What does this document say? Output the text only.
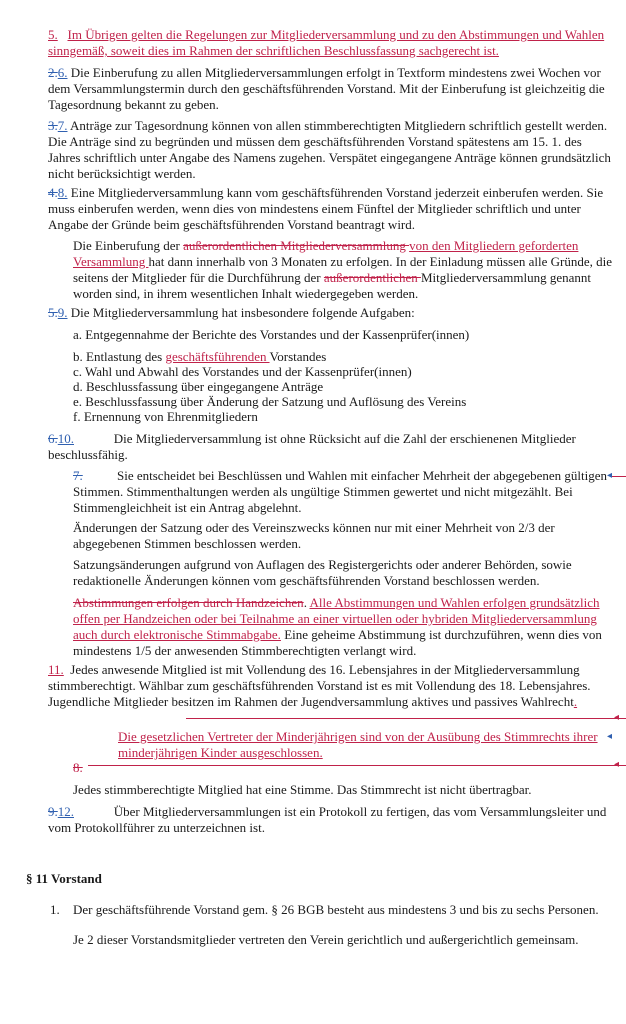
5. Im Übrigen gelten die Regelungen zur Mitgliederversammlung und zu den Abstimmungen und Wahlen sinngemäß, soweit dies im Rahmen der schriftlichen Beschlussfassung sachgerecht ist.

2.6. Die Einberufung zu allen Mitgliederversammlungen erfolgt in Textform mindestens zwei Wochen vor dem Versammlungstermin durch den geschäftsführenden Vorstand. Mit der Einberufung ist gleichzeitig die Tagesordnung bekannt zu geben.

3.7. Anträge zur Tagesordnung können von allen stimmberechtigten Mitgliedern schriftlich gestellt werden. Die Anträge sind zu begründen und müssen dem geschäftsführenden Vorstand spätestens am 15. 1. des Jahres schriftlich unter Angabe des Namens zugehen. Verspätet eingegangene Anträge können grundsätzlich nicht berücksichtigt werden.

4.8. Eine Mitgliederversammlung kann vom geschäftsführenden Vorstand jederzeit einberufen werden. Sie muss einberufen werden, wenn dies von mindestens einem Fünftel der Mitglieder schriftlich und unter Angabe der Gründe beim geschäftsführenden Vorstand beantragt wird.

Die Einberufung der außerordentlichen Mitgliederversammlung von den Mitgliedern geforderten Versammlung hat dann innerhalb von 3 Monaten zu erfolgen. In der Einladung müssen alle Gründe, die seitens der Mitglieder für die Durchführung der außerordentlichen Mitgliederversammlung genannt worden sind, in ihrem wesentlichen Inhalt wiedergegeben werden.

5.9. Die Mitgliederversammlung hat insbesondere folgende Aufgaben:

a. Entgegennahme der Berichte des Vorstandes und der Kassenprüfer(innen)

b. Entlastung des geschäftsführenden Vorstandes

c. Wahl und Abwahl des Vorstandes und der Kassenprüfer(innen)

d. Beschlussfassung über eingegangene Anträge

e. Beschlussfassung über Änderung der Satzung und Auflösung des Vereins

f. Ernennung von Ehrenmitgliedern

6.10.	Die Mitgliederversammlung ist ohne Rücksicht auf die Zahl der erschienenen Mitglieder beschlussfähig.

7.	Sie entscheidet bei Beschlüssen und Wahlen mit einfacher Mehrheit der abgegebenen gültigen Stimmen. Stimmenthaltungen werden als ungültige Stimmen gewertet und nicht mitgezählt. Bei Stimmengleichheit ist ein Antrag abgelehnt.

◂

Änderungen der Satzung oder des Vereinszwecks können nur mit einer Mehrheit von 2/3 der abgegebenen Stimmen beschlossen werden.

Satzungsänderungen aufgrund von Auflagen des Registergerichts oder anderer Behörden, sowie redaktionelle Änderungen können vom geschäftsführenden Vorstand beschlossen werden.

Abstimmungen erfolgen durch Handzeichen. Alle Abstimmungen und Wahlen erfolgen grundsätzlich offen per Handzeichen oder bei Teilnahme an einer virtuellen oder hybriden Mitgliederversammlung auch durch elektronische Stimmabgabe. Eine geheime Abstimmung ist durchzuführen, wenn dies von mindestens 1/5 der anwesenden Stimmberechtigten verlangt wird.

11. Jedes anwesende Mitglied ist mit Vollendung des 16. Lebensjahres in der Mitgliederversammlung stimmberechtigt. Wählbar zum geschäftsführenden Vorstand ist es mit Vollendung des 18. Lebensjahres. Jugendliche Mitglieder besitzen im Rahmen der Jugendversammlung aktives und passives Wahlrecht.

◂

Die gesetzlichen Vertreter der Minderjährigen sind von der Ausübung des Stimmrechts ihrer minderjährigen Kinder ausgeschlossen.

◂

8.	◂

Jedes stimmberechtigte Mitglied hat eine Stimme. Das Stimmrecht ist nicht übertragbar.

9.12.	Über Mitgliederversammlungen ist ein Protokoll zu fertigen, das vom Versammlungsleiter und vom Protokollführer zu unterzeichnen ist.

§ 11 Vorstand

1.	Der geschäftsführende Vorstand gem. § 26 BGB besteht aus mindestens 3 und bis zu sechs Personen.

Je 2 dieser Vorstandsmitglieder vertreten den Verein gerichtlich und außergerichtlich gemeinsam.
